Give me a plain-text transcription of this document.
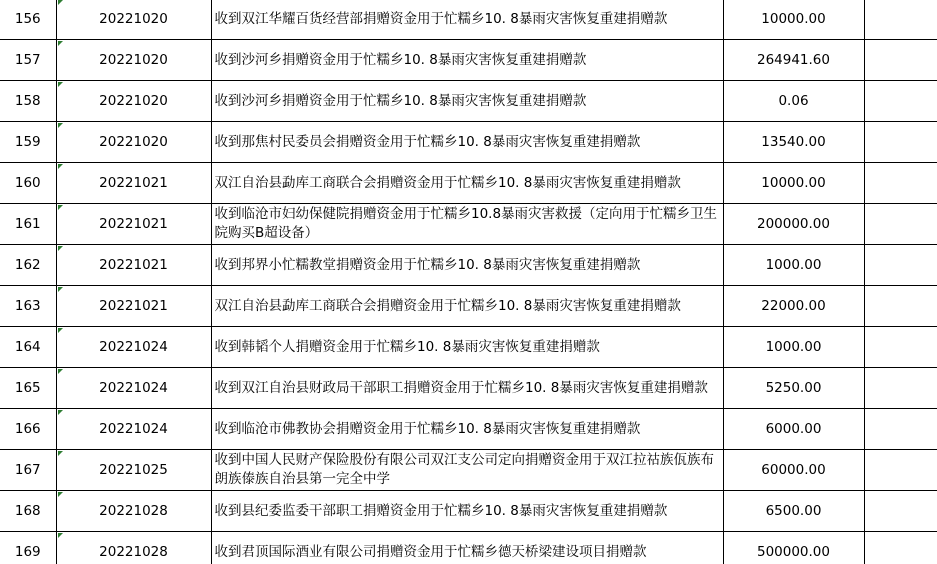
156	20221020	收到双江华耀百货经营部捐赠资金用于忙糯乡10. 8暴雨灾害恢复重建捐赠款	10000.00	
157	20221020	收到沙河乡捐赠资金用于忙糯乡10. 8暴雨灾害恢复重建捐赠款	264941.60	
158	20221020	收到沙河乡捐赠资金用于忙糯乡10. 8暴雨灾害恢复重建捐赠款	0.06	
159	20221020	收到那焦村民委员会捐赠资金用于忙糯乡10. 8暴雨灾害恢复重建捐赠款	13540.00	
160	20221021	双江自治县勐库工商联合会捐赠资金用于忙糯乡10. 8暴雨灾害恢复重建捐赠款	10000.00	
161	20221021	收到临沧市妇幼保健院捐赠资金用于忙糯乡10.8暴雨灾害救援（定向用于忙糯乡卫生院购买B超设备）	200000.00	
162	20221021	收到邦界小忙糯教堂捐赠资金用于忙糯乡10. 8暴雨灾害恢复重建捐赠款	1000.00	
163	20221021	双江自治县勐库工商联合会捐赠资金用于忙糯乡10. 8暴雨灾害恢复重建捐赠款	22000.00	
164	20221024	收到韩韬个人捐赠资金用于忙糯乡10. 8暴雨灾害恢复重建捐赠款	1000.00	
165	20221024	收到双江自治县财政局干部职工捐赠资金用于忙糯乡10. 8暴雨灾害恢复重建捐赠款	5250.00	
166	20221024	收到临沧市佛教协会捐赠资金用于忙糯乡10. 8暴雨灾害恢复重建捐赠款	6000.00	
167	20221025	收到中国人民财产保险股份有限公司双江支公司定向捐赠资金用于双江拉祜族佤族布朗族傣族自治县第一完全中学	60000.00	
168	20221028	收到县纪委监委干部职工捐赠资金用于忙糯乡10. 8暴雨灾害恢复重建捐赠款	6500.00	
169	20221028	收到君顶国际酒业有限公司捐赠资金用于忙糯乡德天桥梁建设项目捐赠款	500000.00	
